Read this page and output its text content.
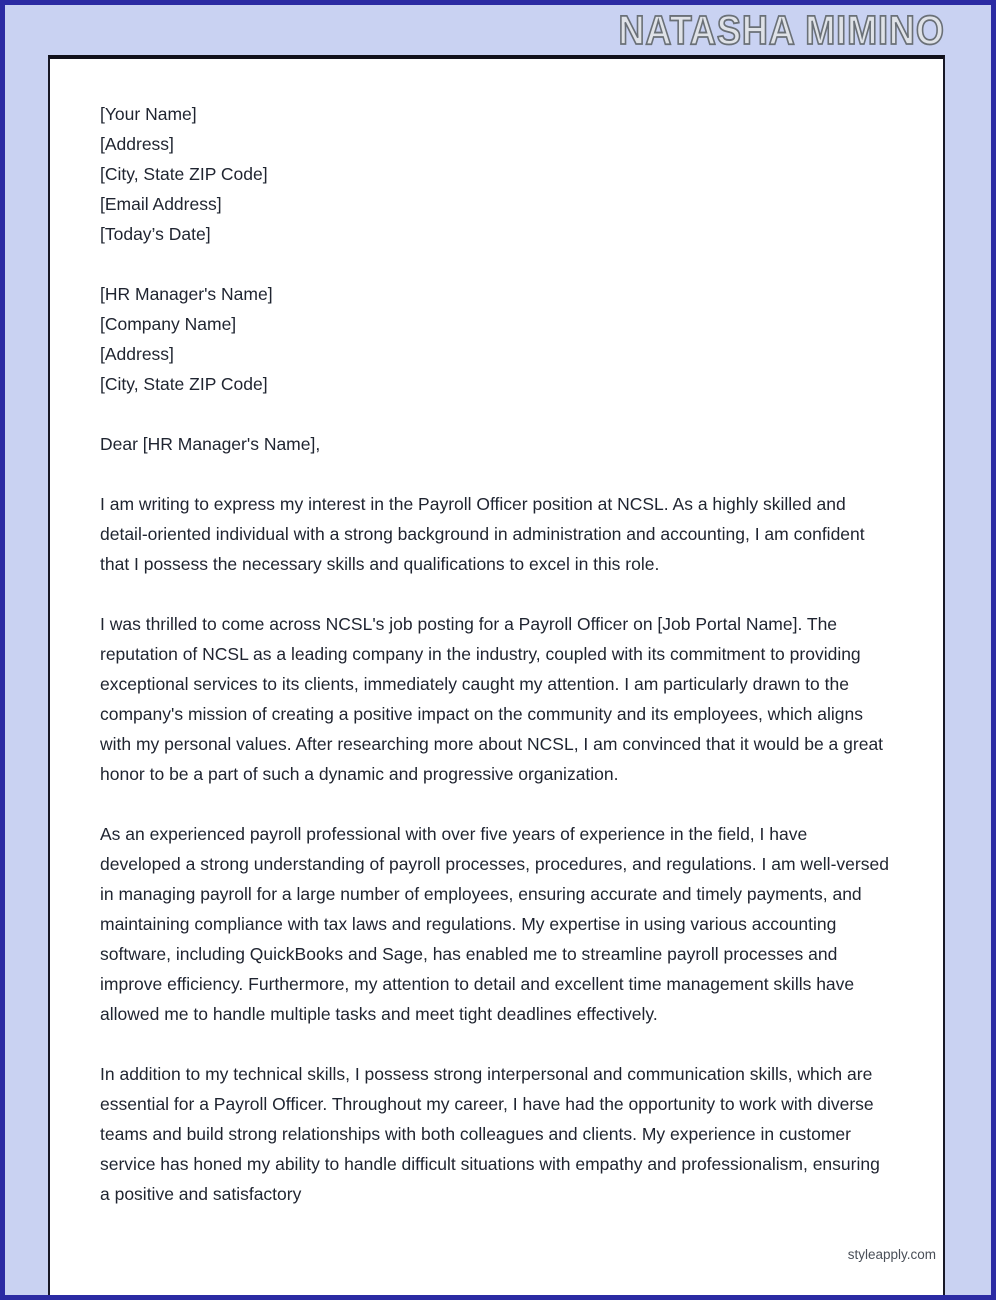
NATASHA MIMINO
[Your Name]
[Address]
[City, State ZIP Code]
[Email Address]
[Today’s Date]
[HR Manager's Name]
[Company Name]
[Address]
[City, State ZIP Code]

Dear [HR Manager's Name],

I am writing to express my interest in the Payroll Officer position at NCSL. As a highly skilled and detail-oriented individual with a strong background in administration and accounting, I am confident that I possess the necessary skills and qualifications to excel in this role.

I was thrilled to come across NCSL's job posting for a Payroll Officer on [Job Portal Name]. The reputation of NCSL as a leading company in the industry, coupled with its commitment to providing exceptional services to its clients, immediately caught my attention. I am particularly drawn to the company's mission of creating a positive impact on the community and its employees, which aligns with my personal values. After researching more about NCSL, I am convinced that it would be a great honor to be a part of such a dynamic and progressive organization.

As an experienced payroll professional with over five years of experience in the field, I have developed a strong understanding of payroll processes, procedures, and regulations. I am well-versed in managing payroll for a large number of employees, ensuring accurate and timely payments, and maintaining compliance with tax laws and regulations. My expertise in using various accounting software, including QuickBooks and Sage, has enabled me to streamline payroll processes and improve efficiency. Furthermore, my attention to detail and excellent time management skills have allowed me to handle multiple tasks and meet tight deadlines effectively.

In addition to my technical skills, I possess strong interpersonal and communication skills, which are essential for a Payroll Officer. Throughout my career, I have had the opportunity to work with diverse teams and build strong relationships with both colleagues and clients. My experience in customer service has honed my ability to handle difficult situations with empathy and professionalism, ensuring a positive and satisfactory

styleapply.com
